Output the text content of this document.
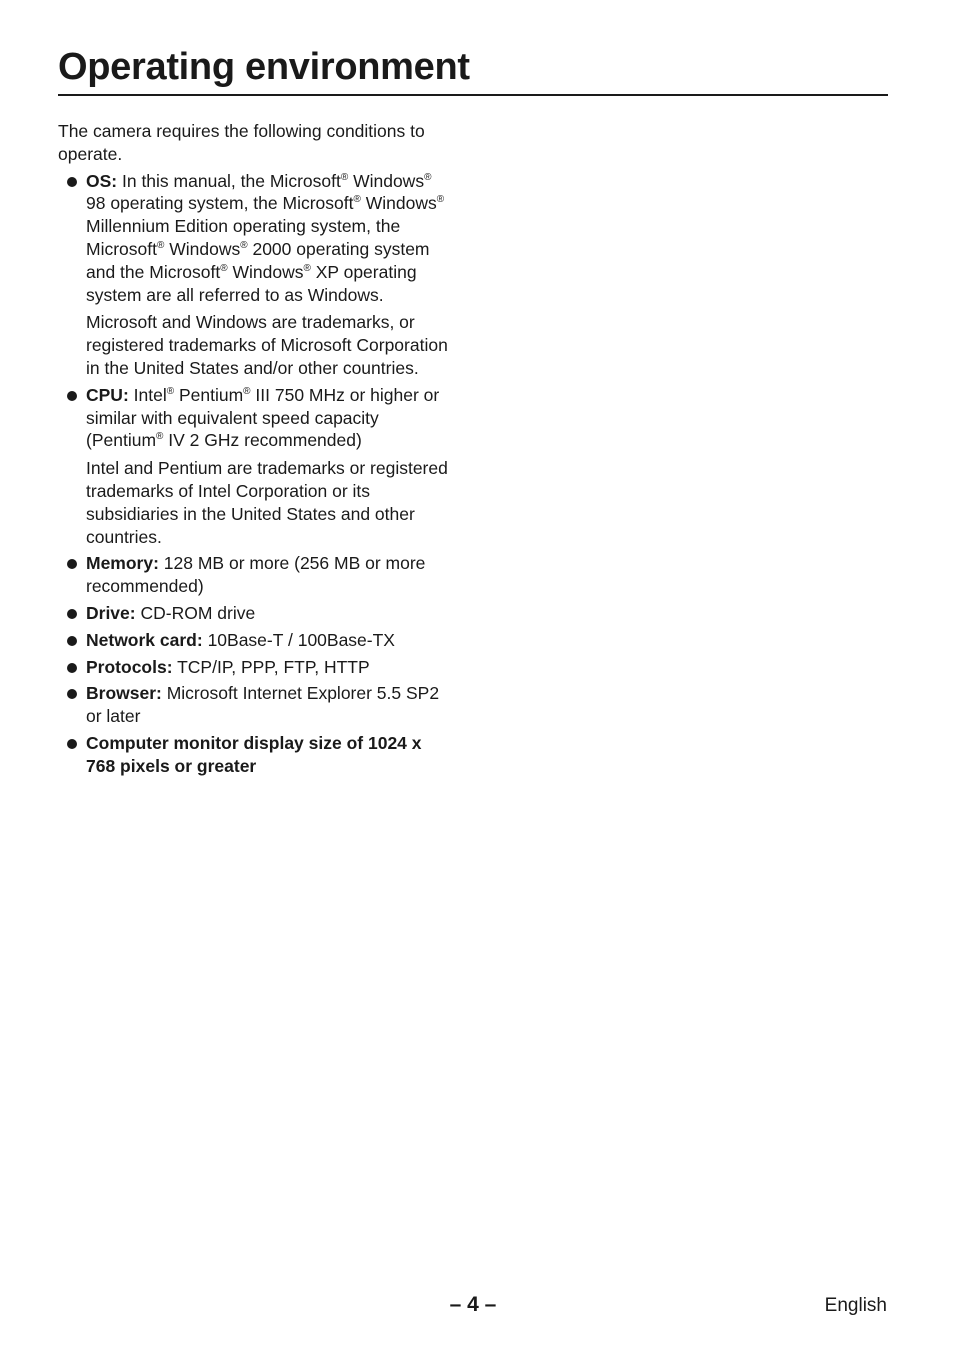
Operating environment

The camera requires the following conditions to operate.

OS: In this manual, the Microsoft® Windows® 98 operating system, the Microsoft® Windows® Millennium Edition operating system, the Microsoft® Windows® 2000 operating system and the Microsoft® Windows® XP operating system are all referred to as Windows.

Microsoft and Windows are trademarks, or registered trademarks of Microsoft Corporation in the United States and/or other countries.

CPU: Intel® Pentium® III 750 MHz or higher or similar with equivalent speed capacity (Pentium® IV 2 GHz recommended)

Intel and Pentium are trademarks or registered trademarks of Intel Corporation or its subsidiaries in the United States and other countries.

Memory: 128 MB or more (256 MB or more recommended)

Drive: CD-ROM drive

Network card: 10Base-T / 100Base-TX

Protocols: TCP/IP, PPP, FTP, HTTP

Browser: Microsoft Internet Explorer 5.5 SP2 or later

Computer monitor display size of 1024 x 768 pixels or greater

– 4 –	English
